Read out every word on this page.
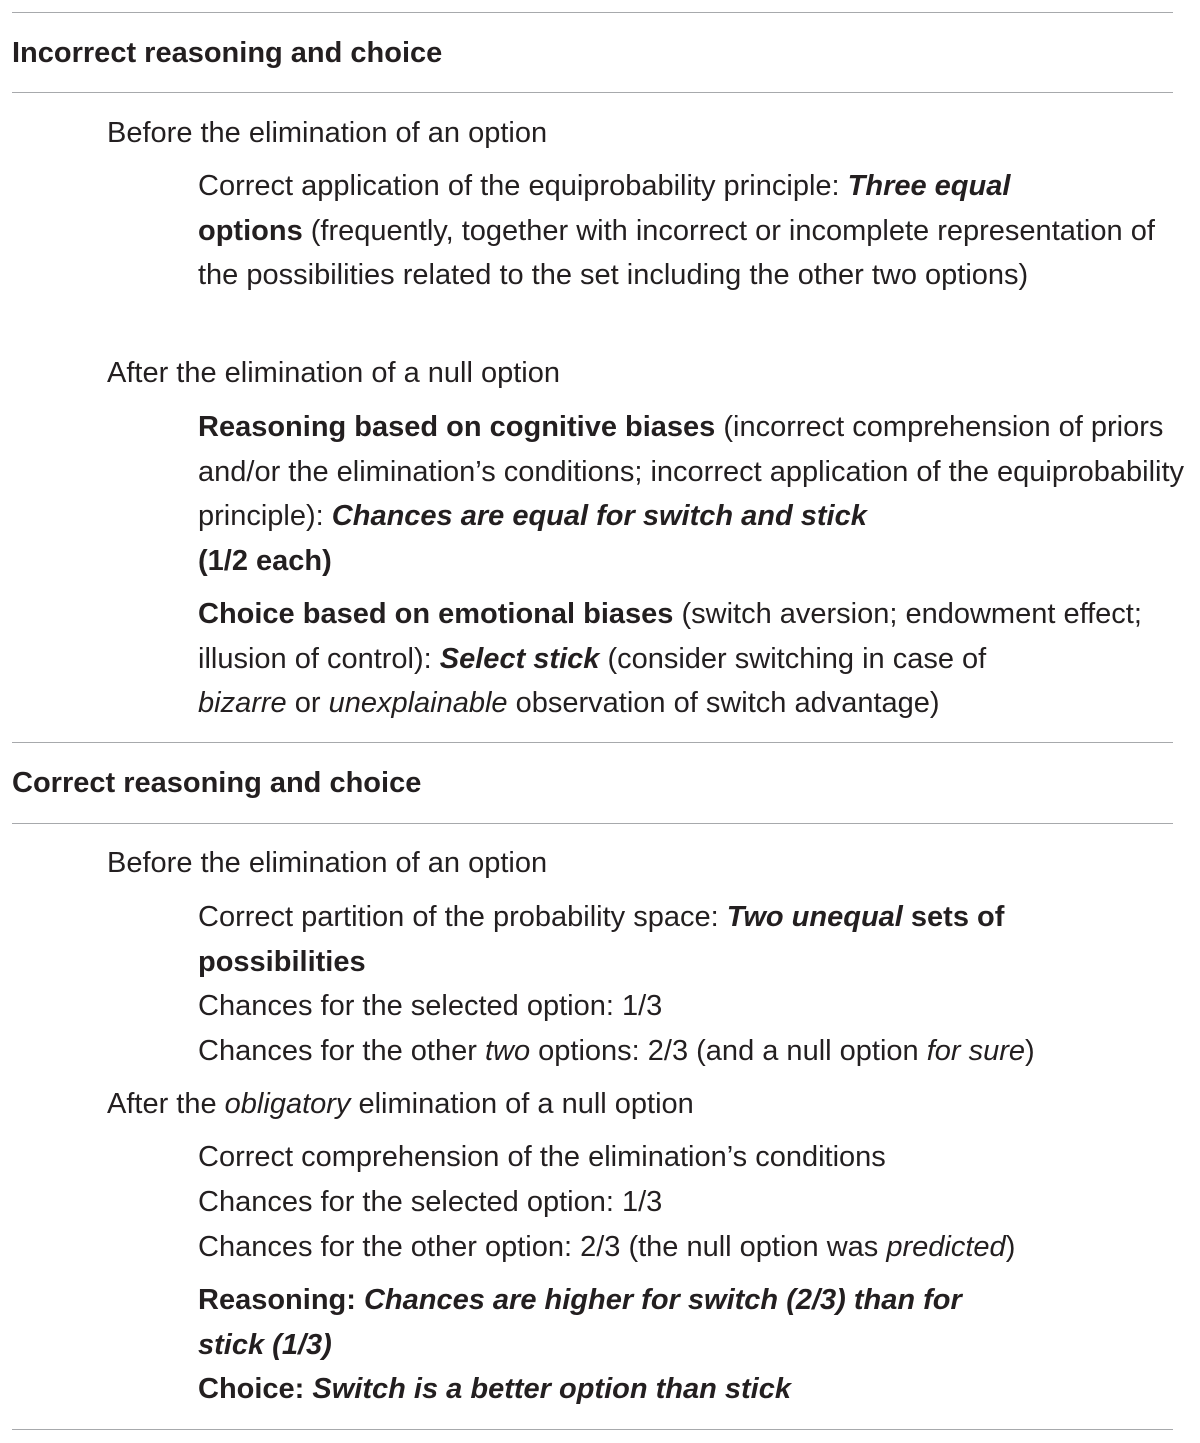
Incorrect reasoning and choice
Before the elimination of an option
Correct application of the equiprobability principle: Three equal
options (frequently, together with incorrect or incomplete representation of the possibilities related to the set including the other two options)
After the elimination of a null option
Reasoning based on cognitive biases (incorrect comprehension of priors and/or the elimination’s conditions; incorrect application of the equiprobability principle): Chances are equal for switch and stick
(1/2 each)
Choice based on emotional biases (switch aversion; endowment effect; illusion of control): Select stick (consider switching in case of
bizarre or unexplainable observation of switch advantage)
Correct reasoning and choice
Before the elimination of an option
Correct partition of the probability space: Two unequal sets of
possibilities
Chances for the selected option: 1/3
Chances for the other two options: 2/3 (and a null option for sure)
After the obligatory elimination of a null option
Correct comprehension of the elimination’s conditions
Chances for the selected option: 1/3
Chances for the other option: 2/3 (the null option was predicted)
Reasoning: Chances are higher for switch (2/3) than for
stick (1/3)
Choice: Switch is a better option than stick
